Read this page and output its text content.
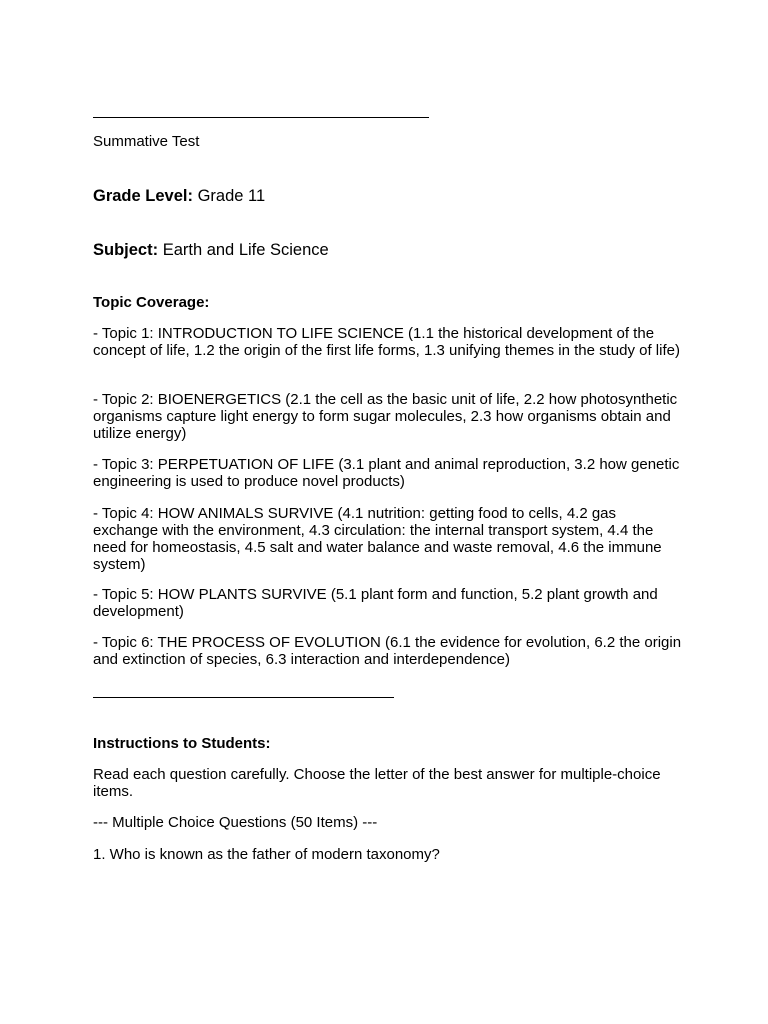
Summative Test
Grade Level: Grade 11
Subject: Earth and Life Science
Topic Coverage:
- Topic 1: INTRODUCTION TO LIFE SCIENCE (1.1 the historical development of the concept of life, 1.2 the origin of the first life forms, 1.3 unifying themes in the study of life)
- Topic 2: BIOENERGETICS (2.1 the cell as the basic unit of life, 2.2 how photosynthetic organisms capture light energy to form sugar molecules, 2.3 how organisms obtain and utilize energy)
- Topic 3: PERPETUATION OF LIFE (3.1 plant and animal reproduction, 3.2 how genetic engineering is used to produce novel products)
- Topic 4: HOW ANIMALS SURVIVE (4.1 nutrition: getting food to cells, 4.2 gas exchange with the environment, 4.3 circulation: the internal transport system, 4.4 the need for homeostasis, 4.5 salt and water balance and waste removal, 4.6 the immune system)
- Topic 5: HOW PLANTS SURVIVE (5.1 plant form and function, 5.2 plant growth and development)
- Topic 6: THE PROCESS OF EVOLUTION (6.1 the evidence for evolution, 6.2 the origin and extinction of species, 6.3 interaction and interdependence)
Instructions to Students:
Read each question carefully. Choose the letter of the best answer for multiple-choice items.
--- Multiple Choice Questions (50 Items) ---
1. Who is known as the father of modern taxonomy?
